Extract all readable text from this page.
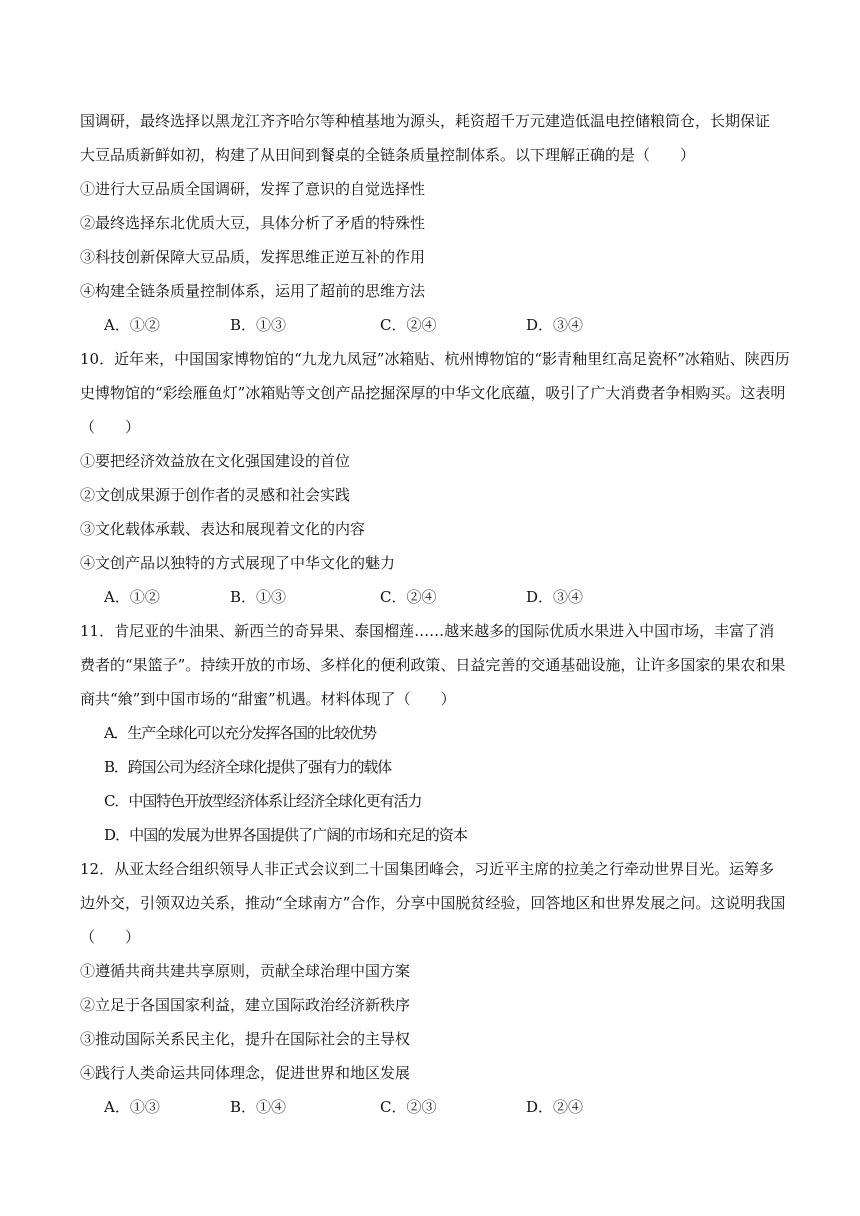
国调研，最终选择以黑龙江齐齐哈尔等种植基地为源头，耗资超千万元建造低温电控储粮筒仓，长期保证
大豆品质新鲜如初，构建了从田间到餐桌的全链条质量控制体系。以下理解正确的是（　　）
①进行大豆品质全国调研，发挥了意识的自觉选择性
②最终选择东北优质大豆，具体分析了矛盾的特殊性
③科技创新保障大豆品质，发挥思维正逆互补的作用
④构建全链条质量控制体系，运用了超前的思维方法
A．①②	B．①③	C．②④	D．③④
10．近年来，中国国家博物馆的“九龙九凤冠”冰箱贴、杭州博物馆的“影青釉里红高足瓷杯”冰箱贴、陕西历
史博物馆的“彩绘雁鱼灯”冰箱贴等文创产品挖掘深厚的中华文化底蕴，吸引了广大消费者争相购买。这表明
（　　）
①要把经济效益放在文化强国建设的首位
②文创成果源于创作者的灵感和社会实践
③文化载体承载、表达和展现着文化的内容
④文创产品以独特的方式展现了中华文化的魅力
A．①②	B．①③	C．②④	D．③④
11．肯尼亚的牛油果、新西兰的奇异果、泰国榴莲……越来越多的国际优质水果进入中国市场，丰富了消
费者的“果篮子”。持续开放的市场、多样化的便利政策、日益完善的交通基础设施，让许多国家的果农和果
商共“飨”到中国市场的“甜蜜”机遇。材料体现了（　　）
A．生产全球化可以充分发挥各国的比较优势
B．跨国公司为经济全球化提供了强有力的载体
C．中国特色开放型经济体系让经济全球化更有活力
D．中国的发展为世界各国提供了广阔的市场和充足的资本
12．从亚太经合组织领导人非正式会议到二十国集团峰会，习近平主席的拉美之行牵动世界目光。运筹多
边外交，引领双边关系，推动“全球南方”合作，分享中国脱贫经验，回答地区和世界发展之问。这说明我国
（　　）
①遵循共商共建共享原则，贡献全球治理中国方案
②立足于各国国家利益，建立国际政治经济新秩序
③推动国际关系民主化，提升在国际社会的主导权
④践行人类命运共同体理念，促进世界和地区发展
A．①③	B．①④	C．②③	D．②④
